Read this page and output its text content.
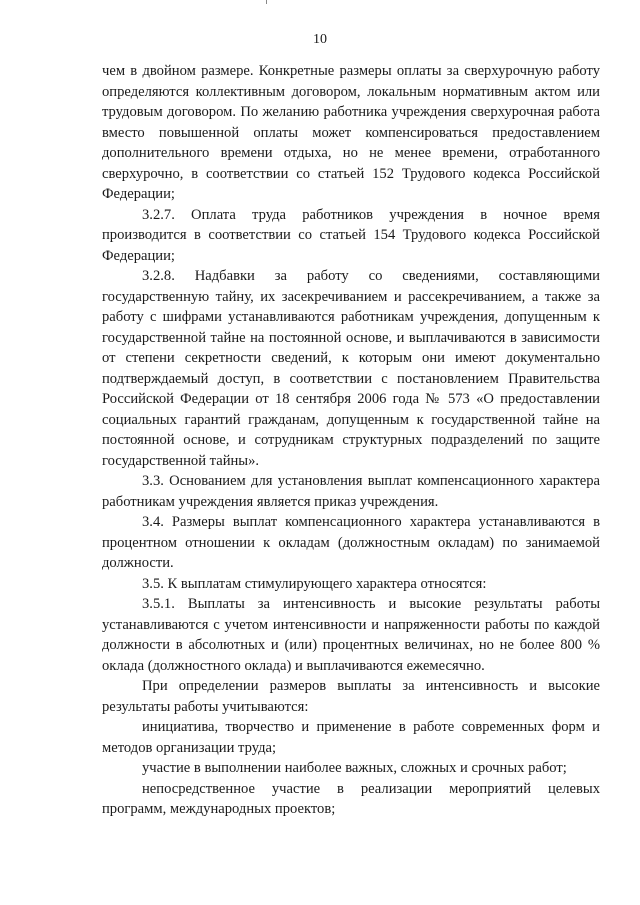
10

чем в двойном размере. Конкретные размеры оплаты за сверхурочную работу определяются коллективным договором, локальным нормативным актом или трудовым договором. По желанию работника учреждения сверхурочная работа вместо повышенной оплаты может компенсироваться предоставлением дополнительного времени отдыха, но не менее времени, отработанного сверхурочно, в соответствии со статьей 152 Трудового кодекса Российской Федерации;

3.2.7. Оплата труда работников учреждения в ночное время производится в соответствии со статьей 154 Трудового кодекса Российской Федерации;

3.2.8. Надбавки за работу со сведениями, составляющими государственную тайну, их засекречиванием и рассекречиванием, а также за работу с шифрами устанавливаются работникам учреждения, допущенным к государственной тайне на постоянной основе, и выплачиваются в зависимости от степени секретности сведений, к которым они имеют документально подтверждаемый доступ, в соответствии с постановлением Правительства Российской Федерации от 18 сентября 2006 года № 573 «О предоставлении социальных гарантий гражданам, допущенным к государственной тайне на постоянной основе, и сотрудникам структурных подразделений по защите государственной тайны».

3.3. Основанием для установления выплат компенсационного характера работникам учреждения является приказ учреждения.

3.4. Размеры выплат компенсационного характера устанавливаются в процентном отношении к окладам (должностным окладам) по занимаемой должности.

3.5. К выплатам стимулирующего характера относятся:

3.5.1. Выплаты за интенсивность и высокие результаты работы устанавливаются с учетом интенсивности и напряженности работы по каждой должности в абсолютных и (или) процентных величинах, но не более 800 % оклада (должностного оклада) и выплачиваются ежемесячно.

При определении размеров выплаты за интенсивность и высокие результаты работы учитываются:

инициатива, творчество и применение в работе современных форм и методов организации труда;

участие в выполнении наиболее важных, сложных и срочных работ;

непосредственное участие в реализации мероприятий целевых программ, международных проектов;
